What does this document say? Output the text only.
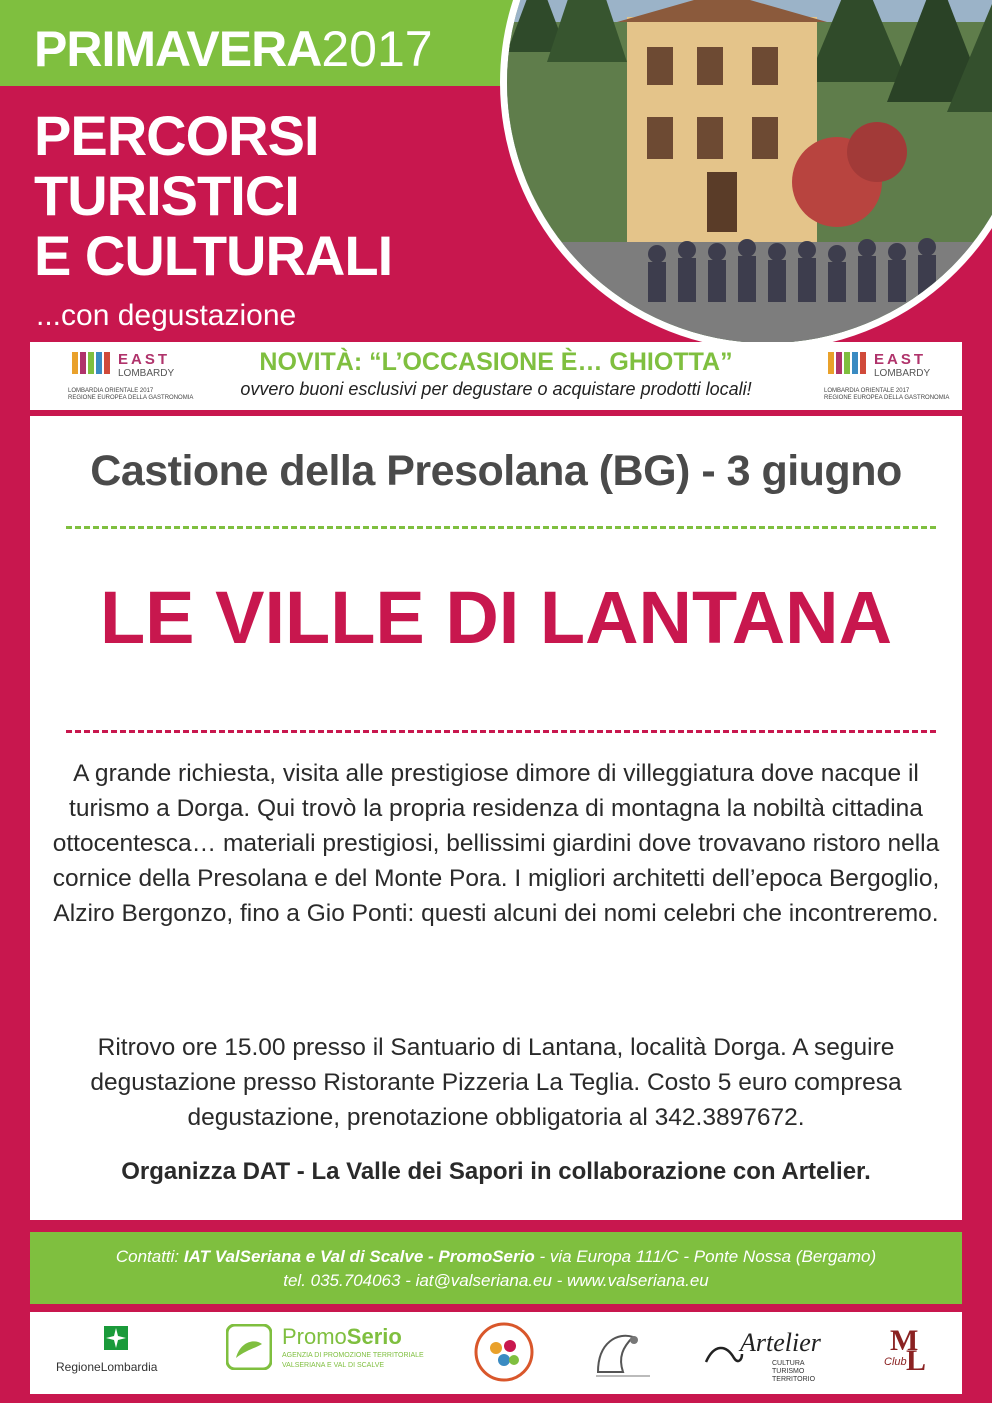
PRIMAVERA2017
PERCORSI
TURISTICI
E CULTURALI
...con degustazione
EAST
LOMBARDY
LOMBARDIA ORIENTALE 2017
REGIONE EUROPEA DELLA GASTRONOMIA
NOVITÀ: “L’OCCASIONE È… GHIOTTA”
ovvero buoni esclusivi per degustare o acquistare prodotti locali!
EAST
LOMBARDY
LOMBARDIA ORIENTALE 2017
REGIONE EUROPEA DELLA GASTRONOMIA
Castione della Presolana (BG) - 3 giugno
LE VILLE DI LANTANA
A grande richiesta, visita alle prestigiose dimore di villeggiatura dove nacque il turismo a Dorga. Qui trovò la propria residenza di montagna la nobiltà cittadina ottocentesca… materiali prestigiosi, bellissimi giardini dove trovavano ristoro nella cornice della Presolana e del Monte Pora. I migliori architetti dell’epoca Bergoglio, Alziro Bergonzo, fino a Gio Ponti: questi alcuni dei nomi celebri che incontreremo.
Ritrovo ore 15.00 presso il Santuario di Lantana, località Dorga. A seguire degustazione presso Ristorante Pizzeria La Teglia. Costo 5 euro compresa degustazione, prenotazione obbligatoria al 342.3897672.
Organizza DAT - La Valle dei Sapori in collaborazione con Artelier.
Contatti: IAT ValSeriana e Val di Scalve - PromoSerio - via Europa 111/C - Ponte Nossa (Bergamo)
tel. 035.704063 - iat@valseriana.eu - www.valseriana.eu
RegioneLombardia
PromoSerio
AGENZIA DI PROMOZIONE TERRITORIALE
VALSERIANA E VAL DI SCALVE
Artelier
CULTURA
TURISMO
TERRITORIO
M
L
Club
